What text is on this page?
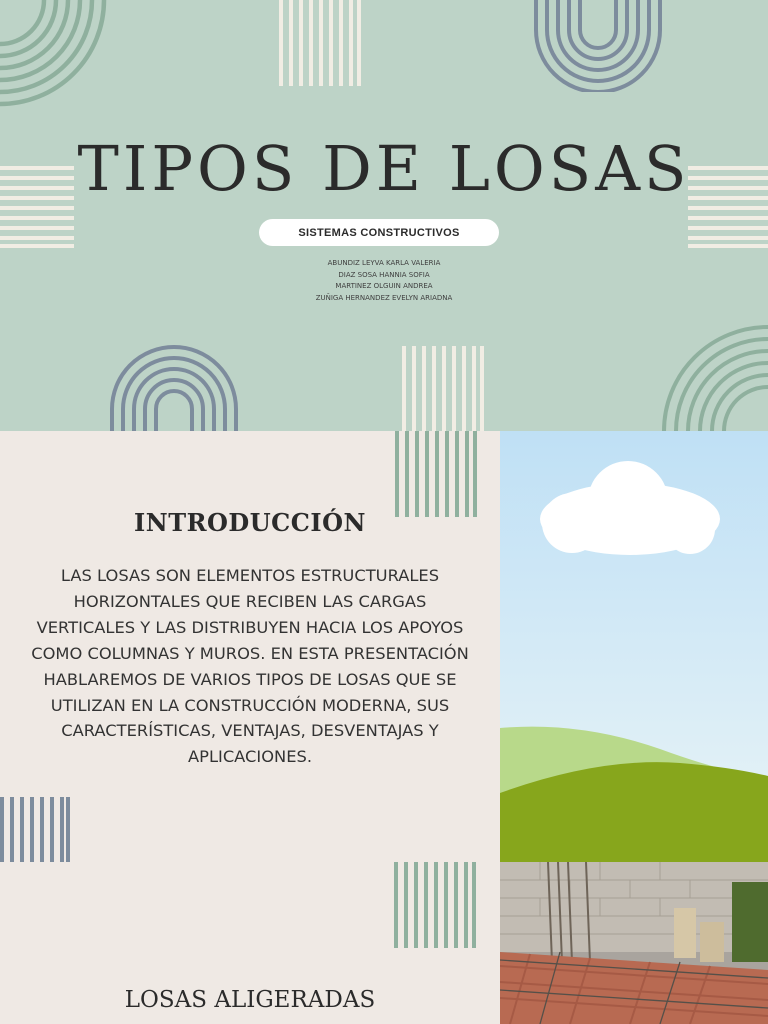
TIPOS DE LOSAS
SISTEMAS CONSTRUCTIVOS
ABUNDIZ LEYVA KARLA VALERIA
DIAZ SOSA HANNIA SOFIA
MARTINEZ OLGUIN ANDREA
ZUÑIGA HERNANDEZ EVELYN ARIADNA
INTRODUCCIÓN

LAS LOSAS SON ELEMENTOS ESTRUCTURALES HORIZONTALES QUE RECIBEN LAS CARGAS VERTICALES Y LAS DISTRIBUYEN HACIA LOS APOYOS COMO COLUMNAS Y MUROS. EN ESTA PRESENTACIÓN HABLAREMOS DE VARIOS TIPOS DE LOSAS QUE SE UTILIZAN EN LA CONSTRUCCIÓN MODERNA, SUS CARACTERÍSTICAS, VENTAJAS, DESVENTAJAS Y APLICACIONES.

LOSAS ALIGERADAS
